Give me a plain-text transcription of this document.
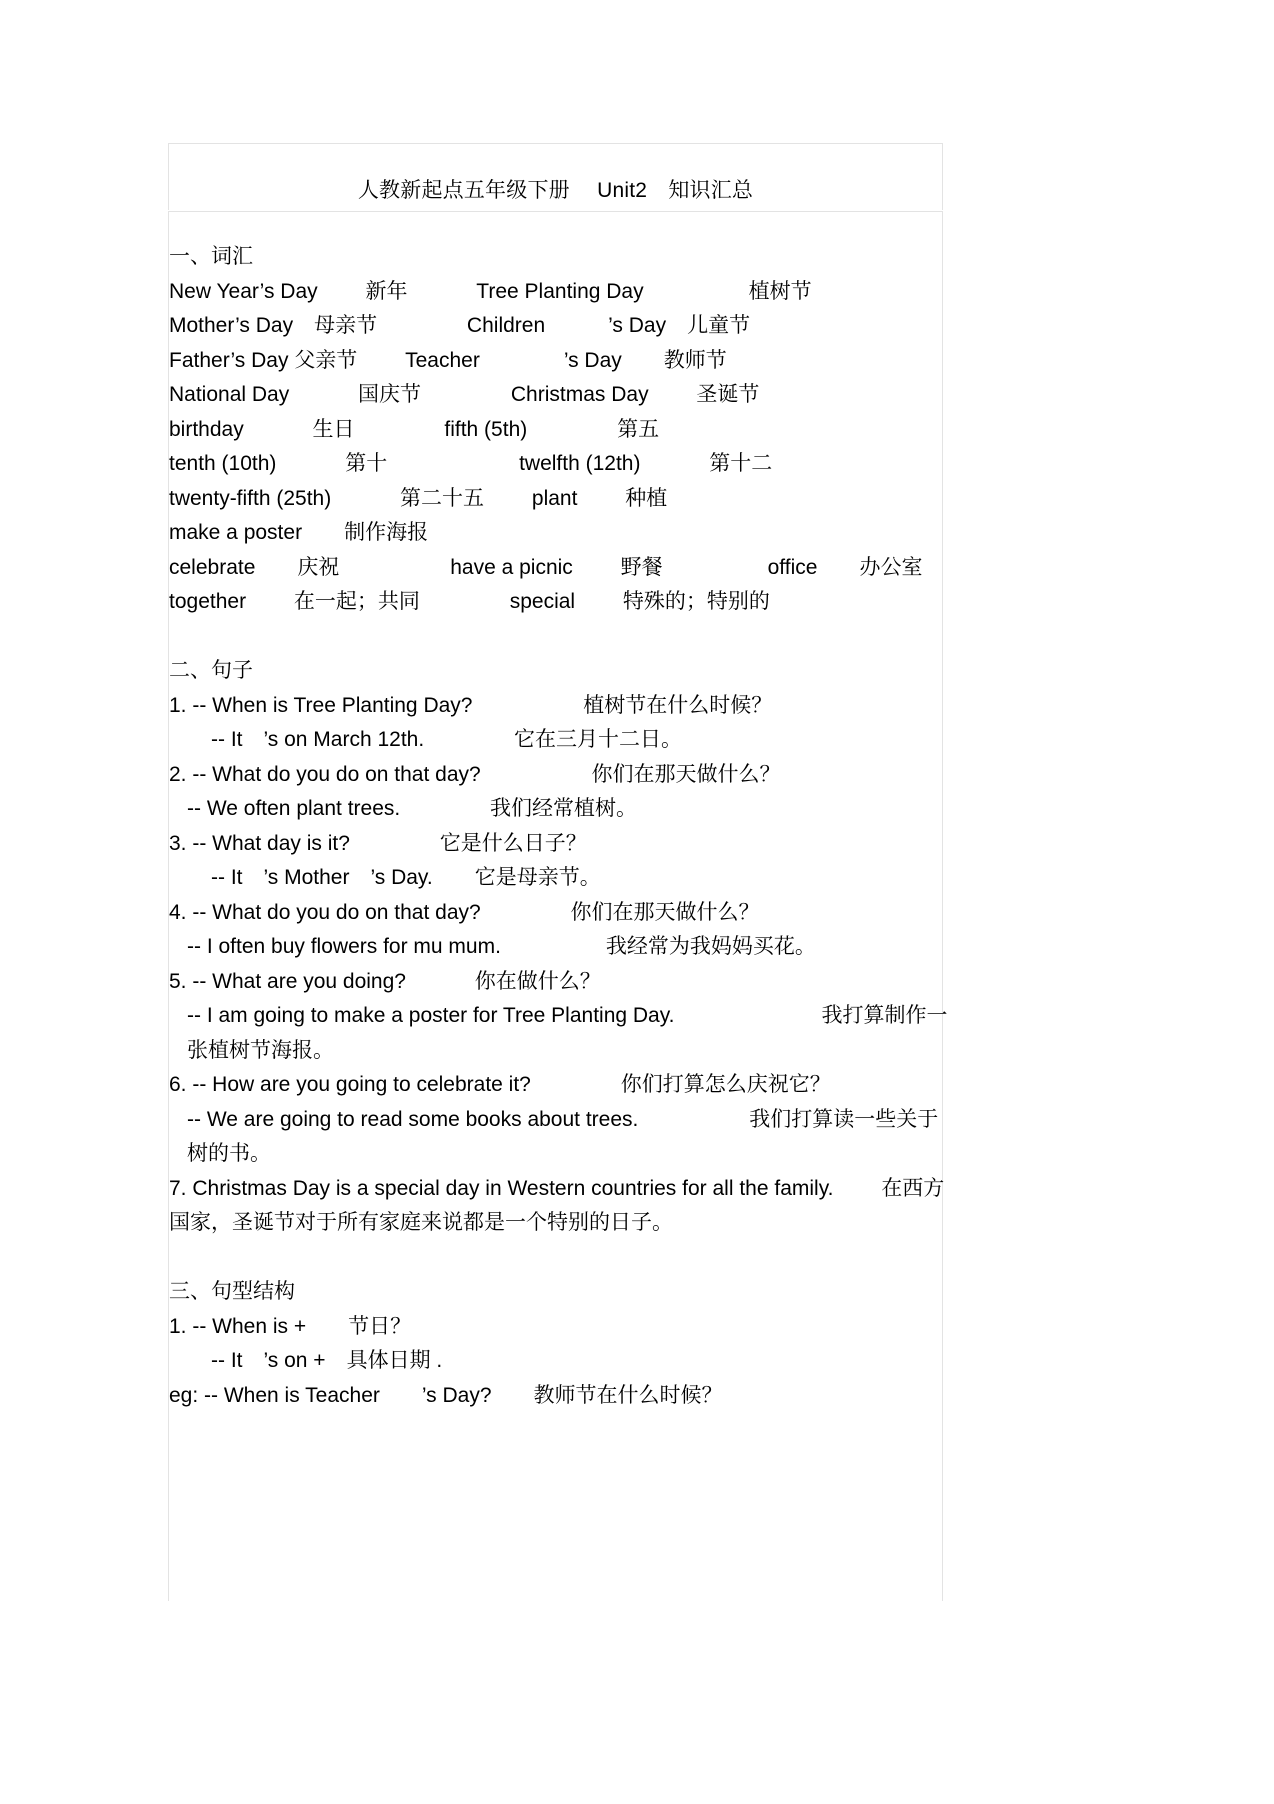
人教新起点五年级下册　 Unit2　知识汇总
一、词汇
New Year’s Day　　 新年　　　 Tree Planting Day　　　　　植树节
Mother’s Day　母亲节　　　　 Children　　　’s Day　儿童节
Father’s Day 父亲节　　 Teacher　　　　’s Day　　教师节
National Day　　　 国庆节　　　　 Christmas Day　　 圣诞节
birthday　　　 生日　　　　 fifth (5th)　　　　 第五
tenth (10th)　　　 第十　　　　　　 twelfth (12th)　　　 第十二
twenty-fifth (25th)　　　 第二十五　　 plant　　 种植
make a poster　　制作海报
celebrate　　庆祝　　　　　 have a picnic　　 野餐　　　　　office　　办公室
together　　 在一起；共同　　　　 special　　 特殊的；特别的

二、句子
1. -- When is Tree Planting Day?　　　　　 植树节在什么时候？
-- It　’s on March 12th.　　　　 它在三月十二日。
2. -- What do you do on that day?　　　　　 你们在那天做什么？
-- We often plant trees.　　　　 我们经常植树。
3. -- What day is it?　　　　 它是什么日子？
-- It　’s Mother　’s Day.　　它是母亲节。
4. -- What do you do on that day?　　　　 你们在那天做什么？
-- I often buy flowers for mu mum.　　　　　我经常为我妈妈买花。
5. -- What are you doing?　　　 你在做什么？
-- I am going to make a poster for Tree Planting Day.　　　　　　　我打算制作一张植树节海报。
6. -- How are you going to celebrate it?　　　　 你们打算怎么庆祝它？
-- We are going to read some books about trees.　　　　　 我们打算读一些关于树的书。
7. Christmas Day is a special day in Western countries for all the family.　　 在西方国家，圣诞节对于所有家庭来说都是一个特别的日子。

三、句型结构
1. -- When is +　　节日？
-- It　’s on +　具体日期 .
eg: -- When is Teacher　　’s Day?　　教师节在什么时候？
